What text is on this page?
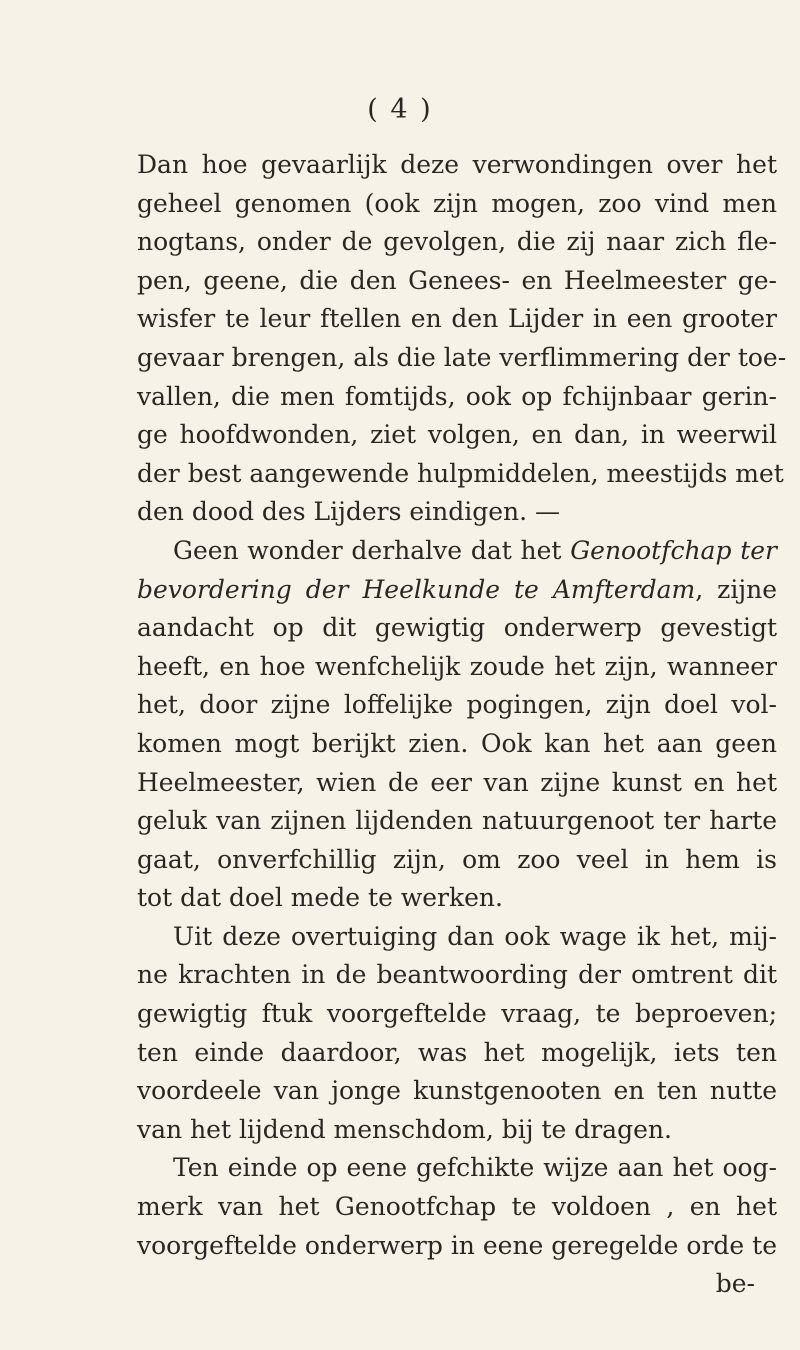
( 4 )
Dan hoe gevaarlijk deze verwondingen over het
geheel genomen (ook zijn mogen, zoo vind men
nogtans, onder de gevolgen, die zij naar zich fle-
pen, geene, die den Genees- en Heelmeester ge-
wisfer te leur ftellen en den Lijder in een grooter
gevaar brengen, als die late verflimmering der toe-
vallen, die men fomtijds, ook op fchijnbaar gerin-
ge hoofdwonden, ziet volgen, en dan, in weerwil
der best aangewende hulpmiddelen, meestijds met
den dood des Lijders eindigen. —
Geen wonder derhalve dat het Genootfchap ter
bevordering der Heelkunde te Amfterdam, zijne
aandacht op dit gewigtig onderwerp gevestigt
heeft, en hoe wenfchelijk zoude het zijn, wanneer
het, door zijne loffelijke pogingen, zijn doel vol-
komen mogt berijkt zien. Ook kan het aan geen
Heelmeester, wien de eer van zijne kunst en het
geluk van zijnen lijdenden natuurgenoot ter harte
gaat, onverfchillig zijn, om zoo veel in hem is
tot dat doel mede te werken.
Uit deze overtuiging dan ook wage ik het, mij-
ne krachten in de beantwoording der omtrent dit
gewigtig ftuk voorgeftelde vraag, te beproeven;
ten einde daardoor, was het mogelijk, iets ten
voordeele van jonge kunstgenooten en ten nutte
van het lijdend menschdom, bij te dragen.
Ten einde op eene gefchikte wijze aan het oog-
merk van het Genootfchap te voldoen , en het
voorgeftelde onderwerp in eene geregelde orde te
be-
